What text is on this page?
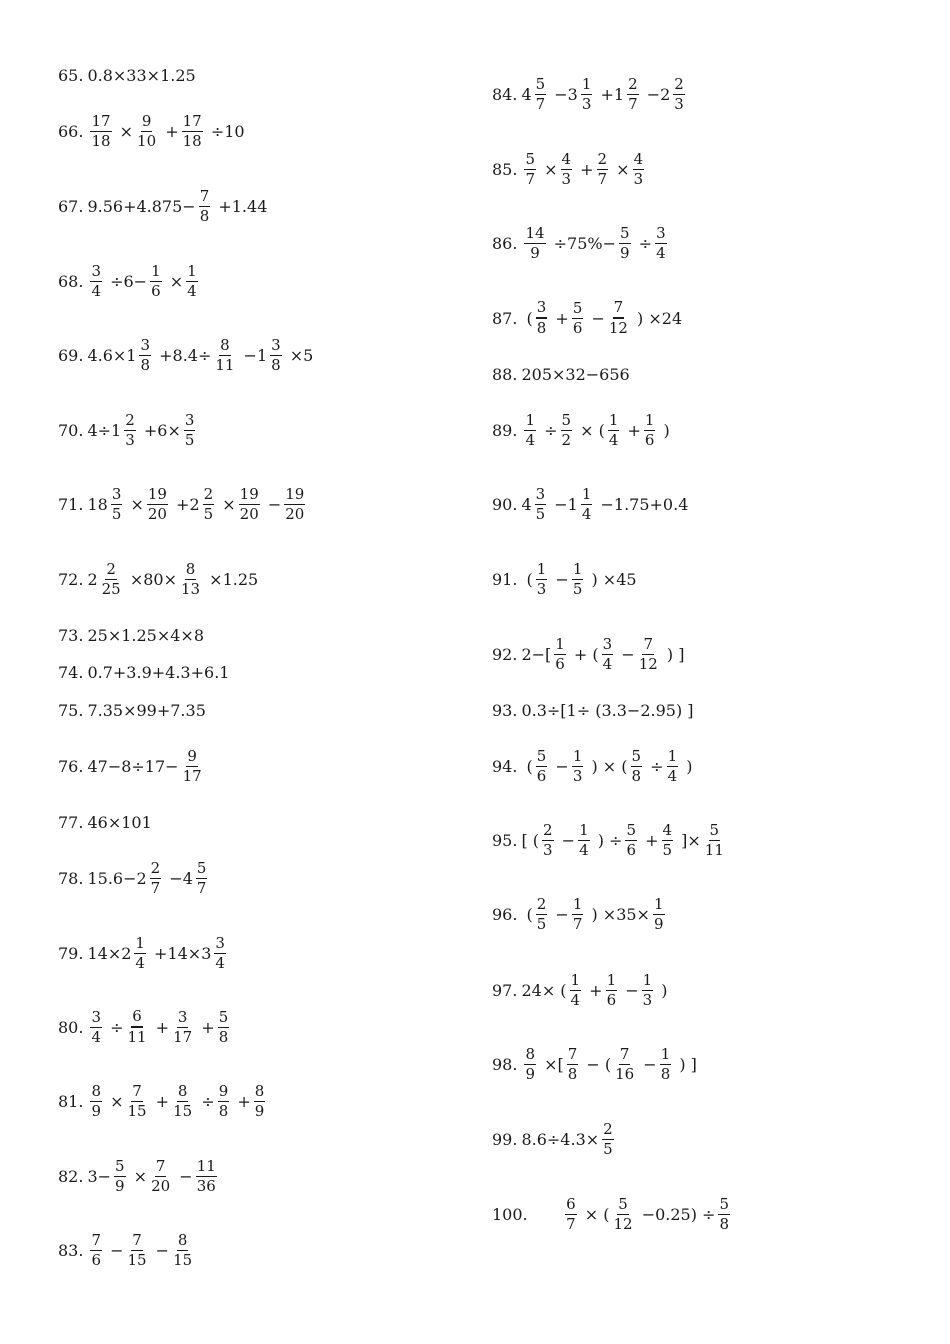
65. 0.8×33×1.25
66. $\frac{17}{18} \times \frac{9}{10} + \frac{17}{18} \div 10$
67. $9.56+4.875- \frac{7}{8} +1.44$
68. $\frac{3}{4} \div 6- \frac{1}{6} \times \frac{1}{4}$
69. $4.6\times 1 \frac{3}{8} +8.4\div \frac{8}{11} -1 \frac{3}{8} \times 5$
70. $4\div 1 \frac{2}{3} +6\times \frac{3}{5}$
71. $18 \frac{3}{5} \times \frac{19}{20} +2 \frac{2}{5} \times \frac{19}{20} - \frac{19}{20}$
72. $2 \frac{2}{25} \times 80\times \frac{8}{13} \times 1.25$
73. 25×1.25×4×8
74. 0.7+3.9+4.3+6.1
75. 7.35×99+7.35
76. $47-8\div 17- \frac{9}{17}$
77. 46×101
78. $15.6-2 \frac{2}{7} -4 \frac{5}{7}$
79. $14\times 2 \frac{1}{4} +14\times 3 \frac{3}{4}$
80. $\frac{3}{4} \div \frac{6}{11} + \frac{3}{17} + \frac{5}{8}$
81. $\frac{8}{9} \times \frac{7}{15} + \frac{8}{15} \div \frac{9}{8} + \frac{8}{9}$
82. $3- \frac{5}{9} \times \frac{7}{20} - \frac{11}{36}$
83. $\frac{7}{6} - \frac{7}{15} - \frac{8}{15}$
84. $4 \frac{5}{7} -3 \frac{1}{3} +1 \frac{2}{7} -2 \frac{2}{3}$
85. $\frac{5}{7} \times \frac{4}{3} + \frac{2}{7} \times \frac{4}{3}$
86. $\frac{14}{9} \div 75\%- \frac{5}{9} \div \frac{3}{4}$
87. ( $\frac{3}{8} + \frac{5}{6} - \frac{7}{12}$ ) ×24
88. 205×32−656
89. $\frac{1}{4} \div \frac{5}{2}$ × ( $\frac{1}{4} + \frac{1}{6}$ )
90. $4 \frac{3}{5} -1 \frac{1}{4} -1.75+0.4$
91. ( $\frac{1}{3} - \frac{1}{5}$ ) ×45
92. $2-[ \frac{1}{6}$ + ( $\frac{3}{4} - \frac{7}{12}$ ) ]
93. 0.3÷[1÷ (3.3−2.95) ]
94. ( $\frac{5}{6} - \frac{1}{3}$ ) × ( $\frac{5}{8} \div \frac{1}{4}$ )
95. [ ( $\frac{2}{3} - \frac{1}{4}$ ) ÷ $\frac{5}{6} + \frac{4}{5}$ ]× $\frac{5}{11}$
96. ( $\frac{2}{5} - \frac{1}{7}$ ) $\times 35\times \frac{1}{9}$
97. 24× ( $\frac{1}{4} + \frac{1}{6} - \frac{1}{3}$ )
98. $\frac{8}{9}$ ×[ $\frac{7}{8}$ − ( $\frac{7}{16} - \frac{1}{8}$ ) ]
99. $8.6\div 4.3\times \frac{2}{5}$
100.
	$\frac{6}{7}$ × ( $\frac{5}{12} -0.25) \div \frac{5}{8}$
